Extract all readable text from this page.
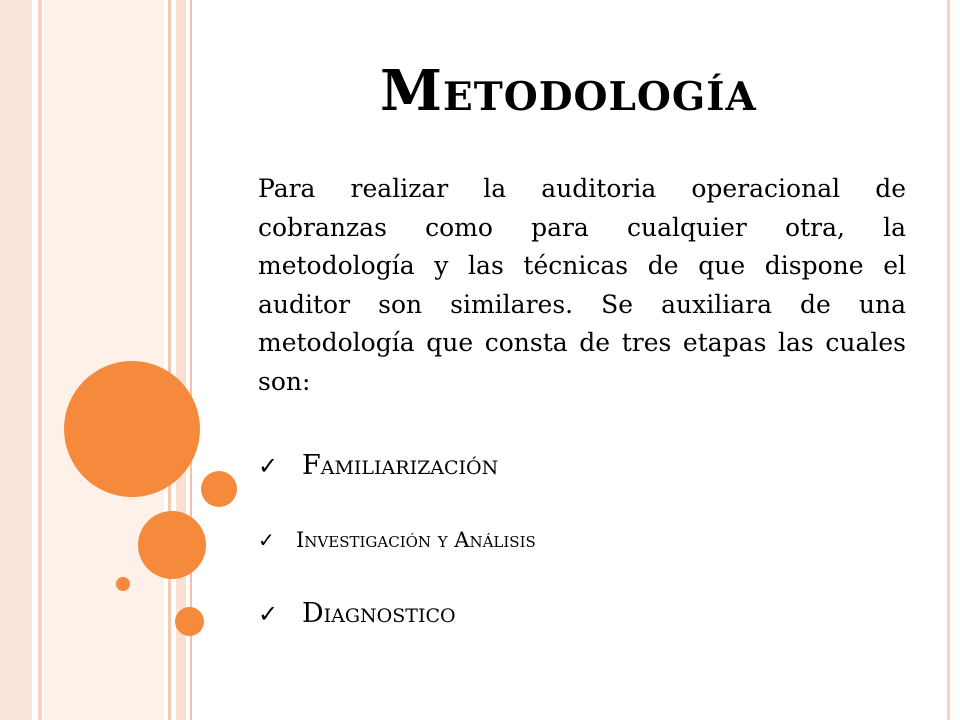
Metodología

Para realizar la auditoria operacional de cobranzas como para cualquier otra, la metodología y las técnicas de que dispone el auditor son similares. Se auxiliara de una metodología que consta de tres etapas las cuales son:

✓ Familiarización
✓ Investigación y Análisis
✓ Diagnostico
